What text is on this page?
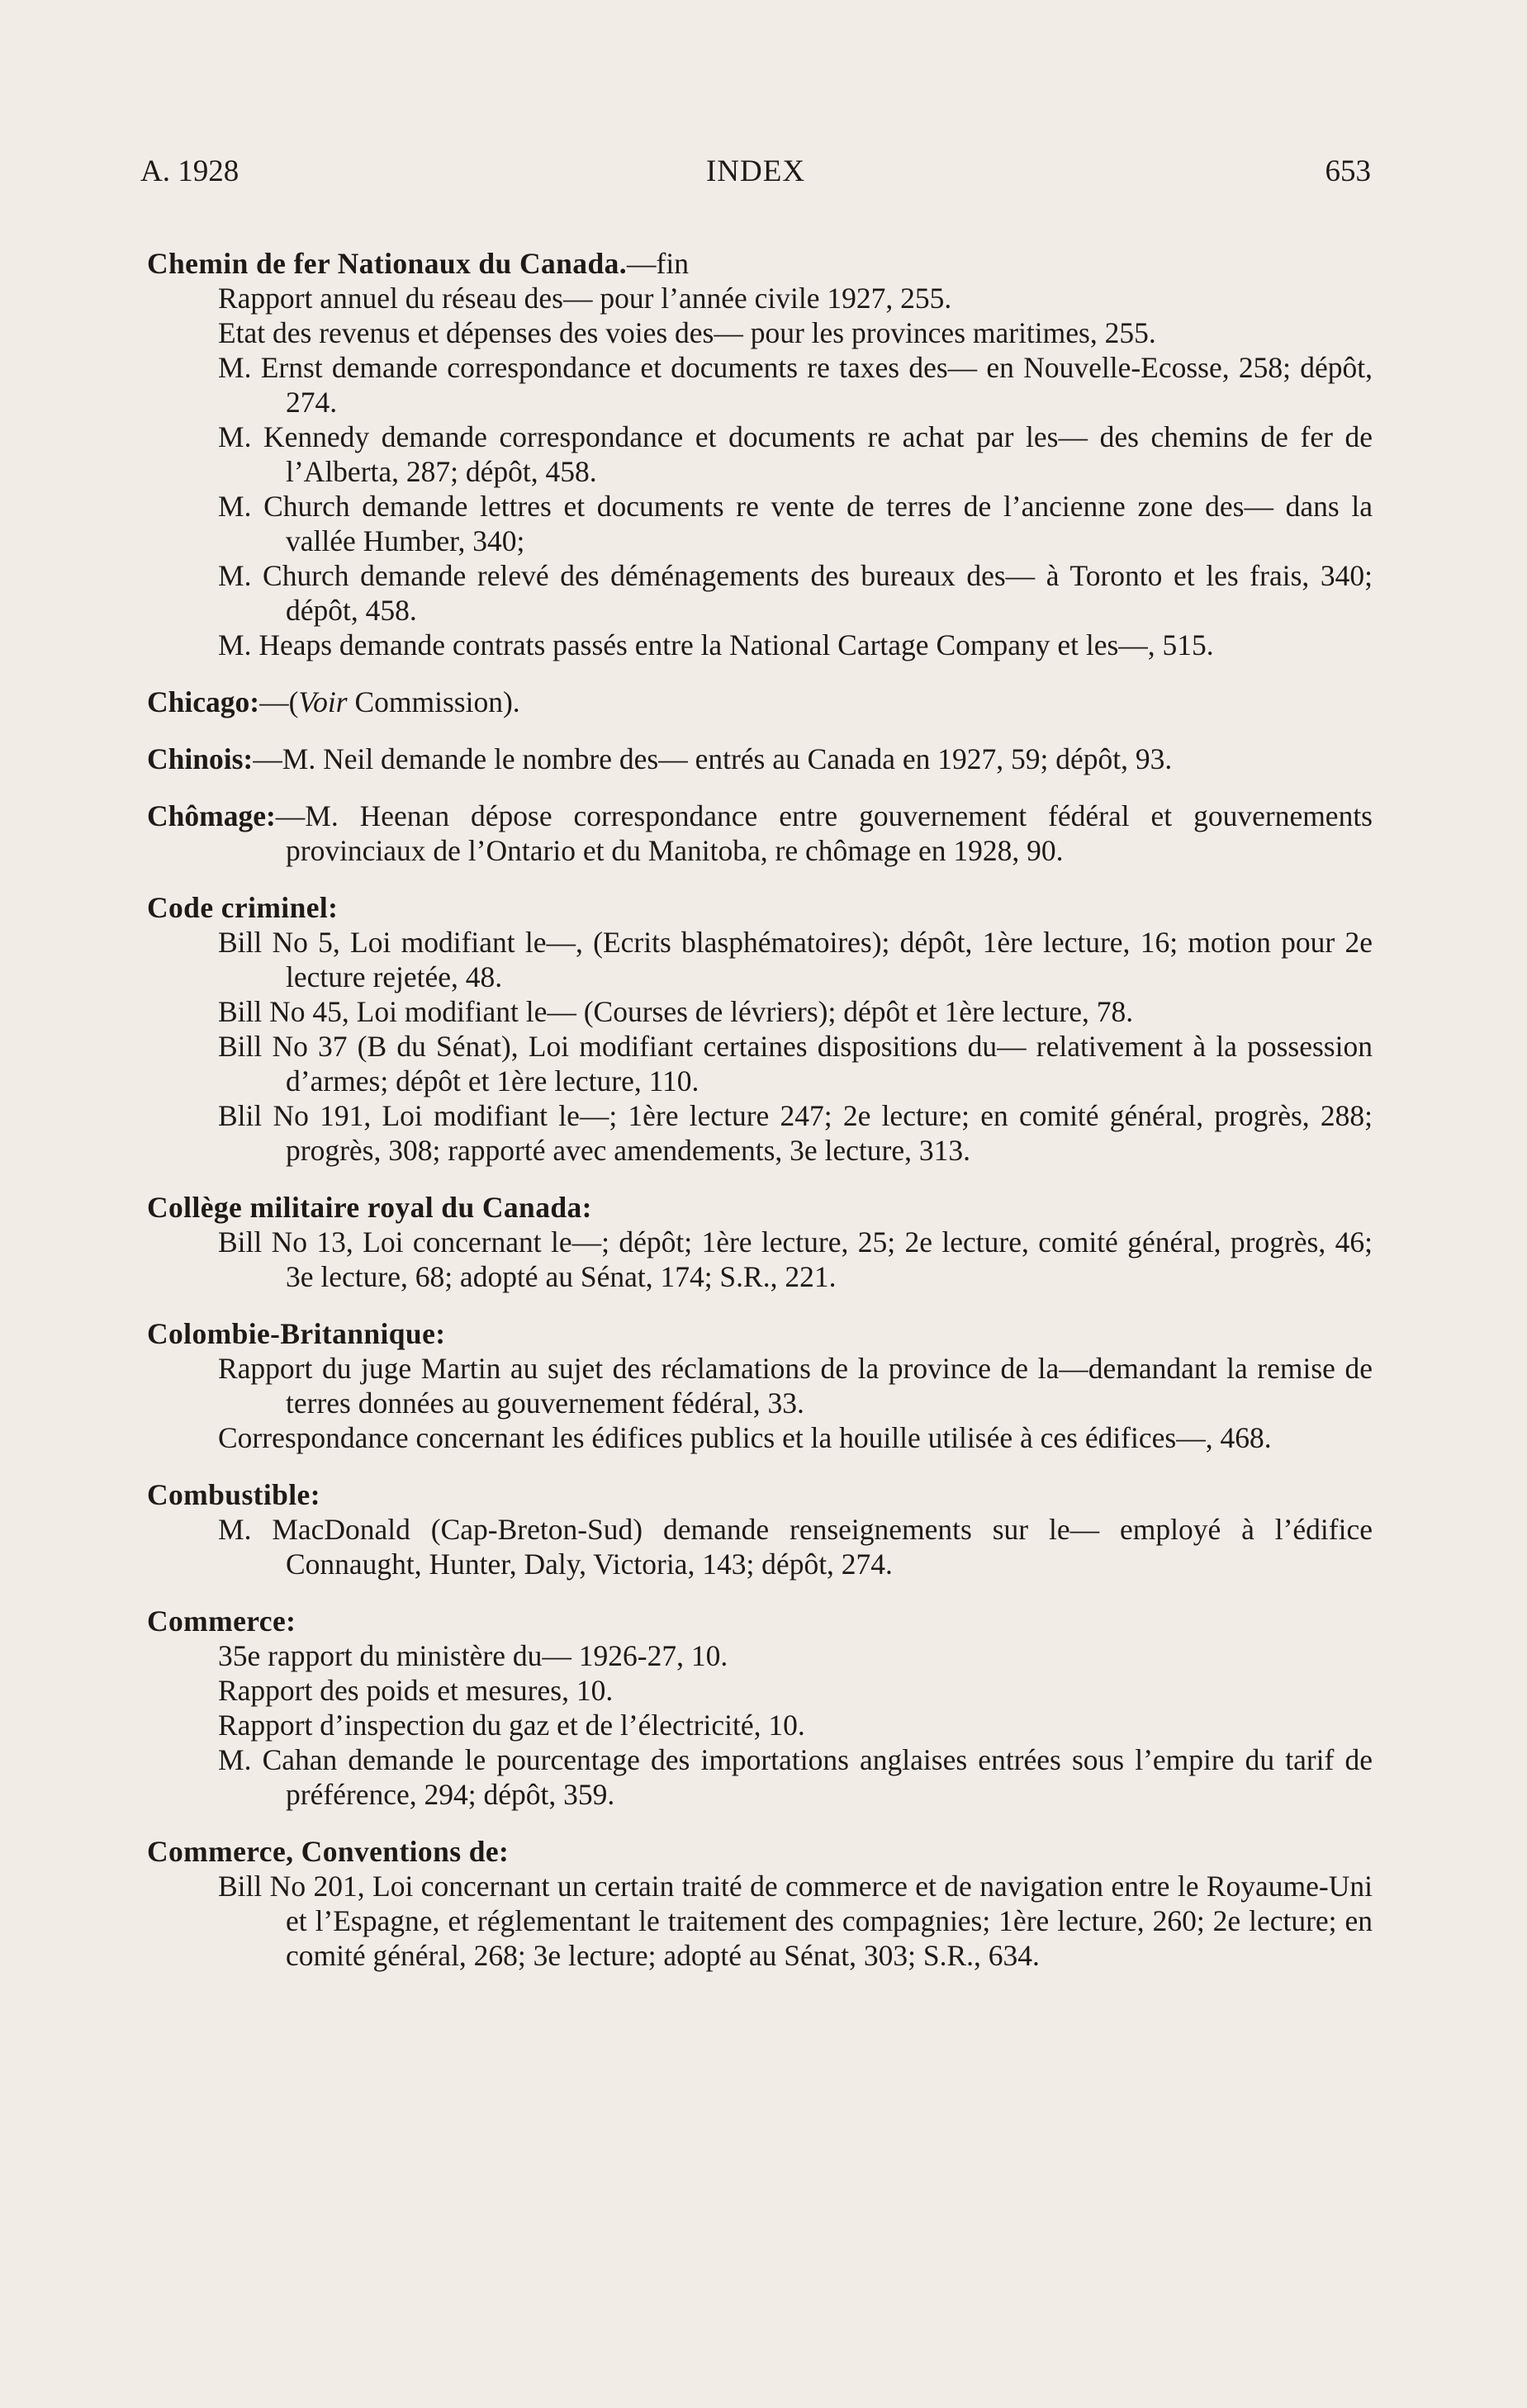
A. 1928	INDEX	653
Chemin de fer Nationaux du Canada.—fin
Rapport annuel du réseau des— pour l’année civile 1927, 255.
Etat des revenus et dépenses des voies des— pour les provinces maritimes, 255.
M. Ernst demande correspondance et documents re taxes des— en Nouvelle-Ecosse, 258; dépôt, 274.
M. Kennedy demande correspondance et documents re achat par les— des chemins de fer de l’Alberta, 287; dépôt, 458.
M. Church demande lettres et documents re vente de terres de l’ancienne zone des— dans la vallée Humber, 340;
M. Church demande relevé des déménagements des bureaux des— à Toronto et les frais, 340; dépôt, 458.
M. Heaps demande contrats passés entre la National Cartage Company et les—, 515.
Chicago:—(Voir Commission).
Chinois:—M. Neil demande le nombre des— entrés au Canada en 1927, 59; dépôt, 93.
Chômage:—M. Heenan dépose correspondance entre gouvernement fédéral et gouvernements provinciaux de l’Ontario et du Manitoba, re chômage en 1928, 90.
Code criminel:
Bill No 5, Loi modifiant le—, (Ecrits blasphématoires); dépôt, 1ère lecture, 16; motion pour 2e lecture rejetée, 48.
Bill No 45, Loi modifiant le— (Courses de lévriers); dépôt et 1ère lecture, 78.
Bill No 37 (B du Sénat), Loi modifiant certaines dispositions du— relativement à la possession d’armes; dépôt et 1ère lecture, 110.
Blil No 191, Loi modifiant le—; 1ère lecture 247; 2e lecture; en comité général, progrès, 288; progrès, 308; rapporté avec amendements, 3e lecture, 313.
Collège militaire royal du Canada:
Bill No 13, Loi concernant le—; dépôt; 1ère lecture, 25; 2e lecture, comité général, progrès, 46; 3e lecture, 68; adopté au Sénat, 174; S.R., 221.
Colombie-Britannique:
Rapport du juge Martin au sujet des réclamations de la province de la—demandant la remise de terres données au gouvernement fédéral, 33.
Correspondance concernant les édifices publics et la houille utilisée à ces édifices—, 468.
Combustible:
M. MacDonald (Cap-Breton-Sud) demande renseignements sur le— employé à l’édifice Connaught, Hunter, Daly, Victoria, 143; dépôt, 274.
Commerce:
35e rapport du ministère du— 1926-27, 10.
Rapport des poids et mesures, 10.
Rapport d’inspection du gaz et de l’électricité, 10.
M. Cahan demande le pourcentage des importations anglaises entrées sous l’empire du tarif de préférence, 294; dépôt, 359.
Commerce, Conventions de:
Bill No 201, Loi concernant un certain traité de commerce et de navigation entre le Royaume-Uni et l’Espagne, et réglementant le traitement des compagnies; 1ère lecture, 260; 2e lecture; en comité général, 268; 3e lecture; adopté au Sénat, 303; S.R., 634.
